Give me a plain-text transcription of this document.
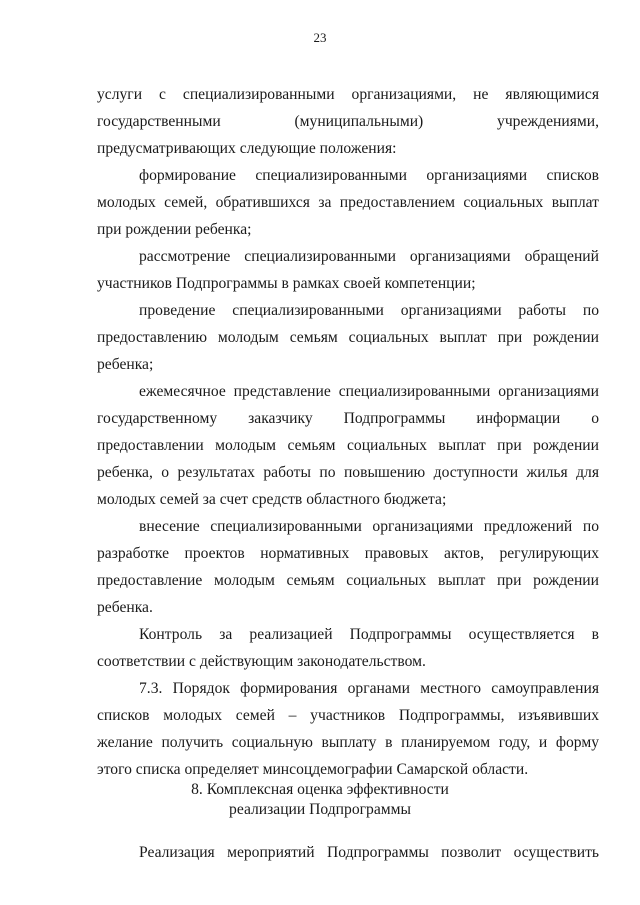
23

услуги с специализированными организациями, не являющимися государственными (муниципальными) учреждениями, предусматривающих следующие положения:

формирование специализированными организациями списков молодых семей, обратившихся за предоставлением социальных выплат при рождении ребенка;

рассмотрение специализированными организациями обращений участников Подпрограммы в рамках своей компетенции;

проведение специализированными организациями работы по предоставлению молодым семьям социальных выплат при рождении ребенка;

ежемесячное представление специализированными организациями государственному заказчику Подпрограммы информации о предоставлении молодым семьям социальных выплат при рождении ребенка, о результатах работы по повышению доступности жилья для молодых семей за счет средств областного бюджета;

внесение специализированными организациями предложений по разработке проектов нормативных правовых актов, регулирующих предоставление молодым семьям социальных выплат при рождении ребенка.

Контроль за реализацией Подпрограммы осуществляется в соответствии с действующим законодательством.

7.3. Порядок формирования органами местного самоуправления списков молодых семей – участников Подпрограммы, изъявивших желание получить социальную выплату в планируемом году, и форму этого списка определяет минсоцдемографии Самарской области.

8. Комплексная оценка эффективности
реализации Подпрограммы

Реализация мероприятий Подпрограммы позволит осуществить
